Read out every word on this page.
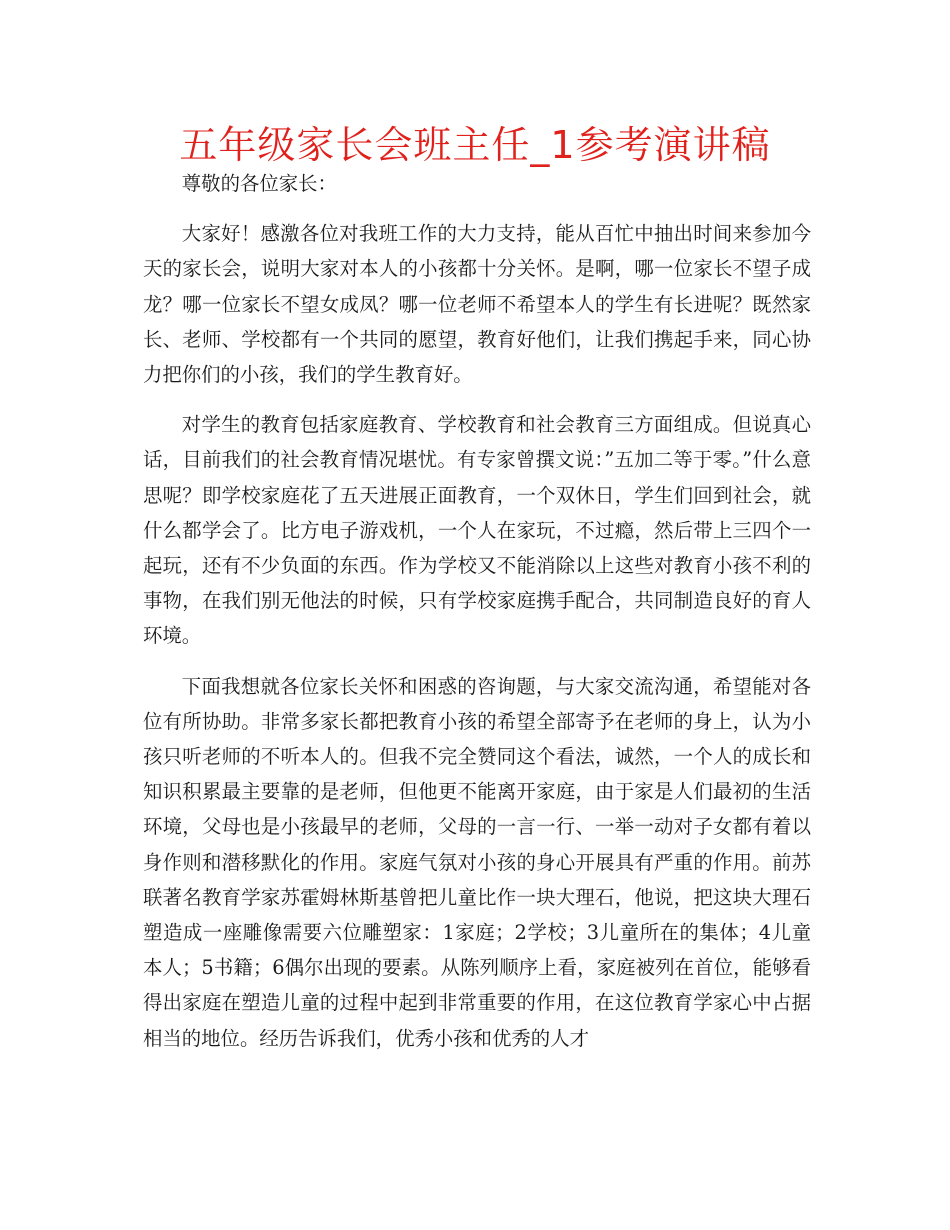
五年级家长会班主任_1参考演讲稿

尊敬的各位家长：

大家好！感激各位对我班工作的大力支持，能从百忙中抽出时间来参加今天的家长会，说明大家对本人的小孩都十分关怀。是啊，哪一位家长不望子成龙？哪一位家长不望女成凤？哪一位老师不希望本人的学生有长进呢？既然家长、老师、学校都有一个共同的愿望，教育好他们，让我们携起手来，同心协力把你们的小孩，我们的学生教育好。

对学生的教育包括家庭教育、学校教育和社会教育三方面组成。但说真心话，目前我们的社会教育情况堪忧。有专家曾撰文说：”五加二等于零。”什么意思呢？即学校家庭花了五天进展正面教育，一个双休日，学生们回到社会，就什么都学会了。比方电子游戏机，一个人在家玩，不过瘾，然后带上三四个一起玩，还有不少负面的东西。作为学校又不能消除以上这些对教育小孩不利的事物，在我们别无他法的时候，只有学校家庭携手配合，共同制造良好的育人环境。

下面我想就各位家长关怀和困惑的咨询题，与大家交流沟通，希望能对各位有所协助。非常多家长都把教育小孩的希望全部寄予在老师的身上，认为小孩只听老师的不听本人的。但我不完全赞同这个看法，诚然，一个人的成长和知识积累最主要靠的是老师，但他更不能离开家庭，由于家是人们最初的生活环境，父母也是小孩最早的老师，父母的一言一行、一举一动对子女都有着以身作则和潜移默化的作用。家庭气氛对小孩的身心开展具有严重的作用。前苏联著名教育学家苏霍姆林斯基曾把儿童比作一块大理石，他说，把这块大理石塑造成一座雕像需要六位雕塑家：1家庭；2学校；3儿童所在的集体；4儿童本人；5书籍；6偶尔出现的要素。从陈列顺序上看，家庭被列在首位，能够看得出家庭在塑造儿童的过程中起到非常重要的作用，在这位教育学家心中占据相当的地位。经历告诉我们，优秀小孩和优秀的人才
